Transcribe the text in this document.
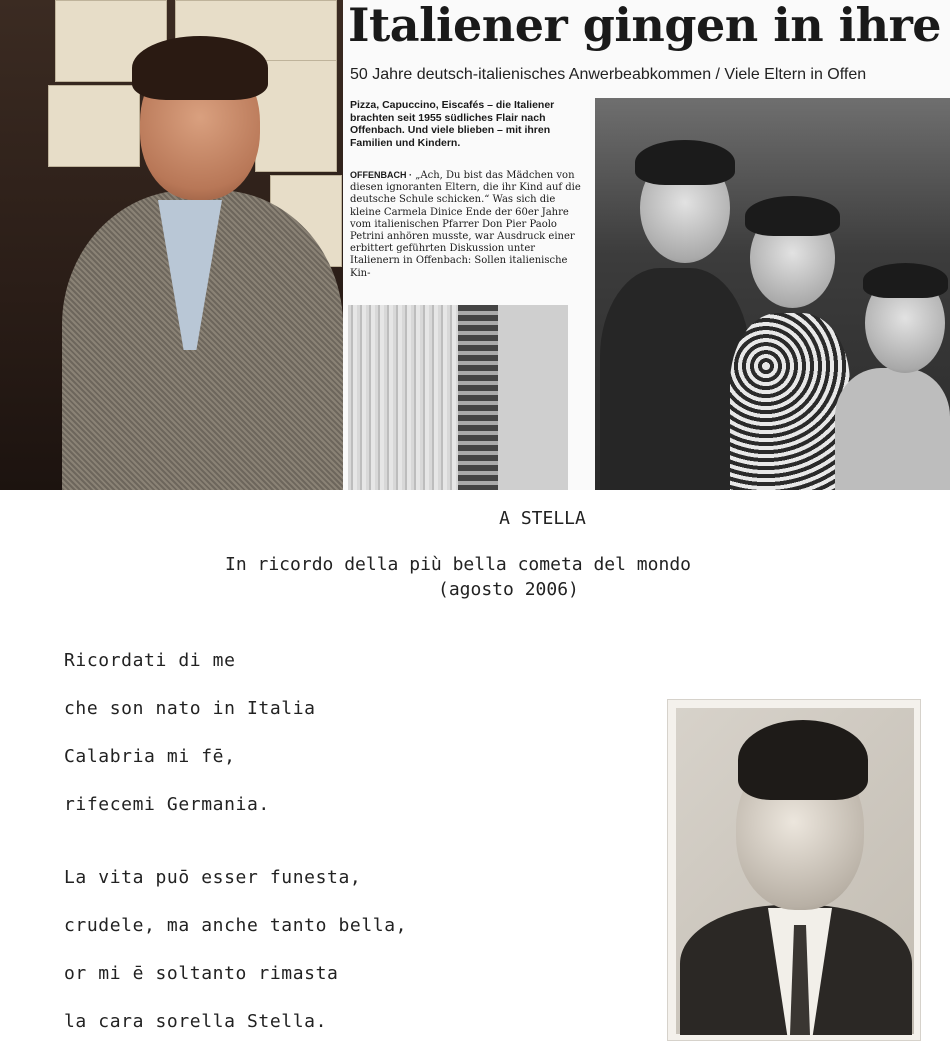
Italiener gingen in ihre
50 Jahre deutsch-italienisches Anwerbeabkommen / Viele Eltern in Offen
Pizza, Capuccino, Eiscafés – die Italiener brachten seit 1955 südliches Flair nach Offenbach. Und viele blieben – mit ihren Familien und Kindern.
OFFENBACH · „Ach, Du bist das Mädchen von diesen ignoranten Eltern, die ihr Kind auf die deutsche Schule schicken.“ Was sich die kleine Carmela Dinice Ende der 60er Jahre vom italienischen Pfarrer Don Pier Paolo Petrini anhören musste, war Ausdruck einer erbittert geführten Diskussion unter Italienern in Offenbach: Sollen italienische Kin-
A STELLA
In ricordo della più bella cometa del mondo
(agosto 2006)
Ricordati di me
che son nato in Italia
Calabria mi fē,
rifecemi Germania.
La vita puō esser funesta,
crudele, ma anche tanto bella,
or mi ē soltanto rimasta
la cara sorella Stella.
